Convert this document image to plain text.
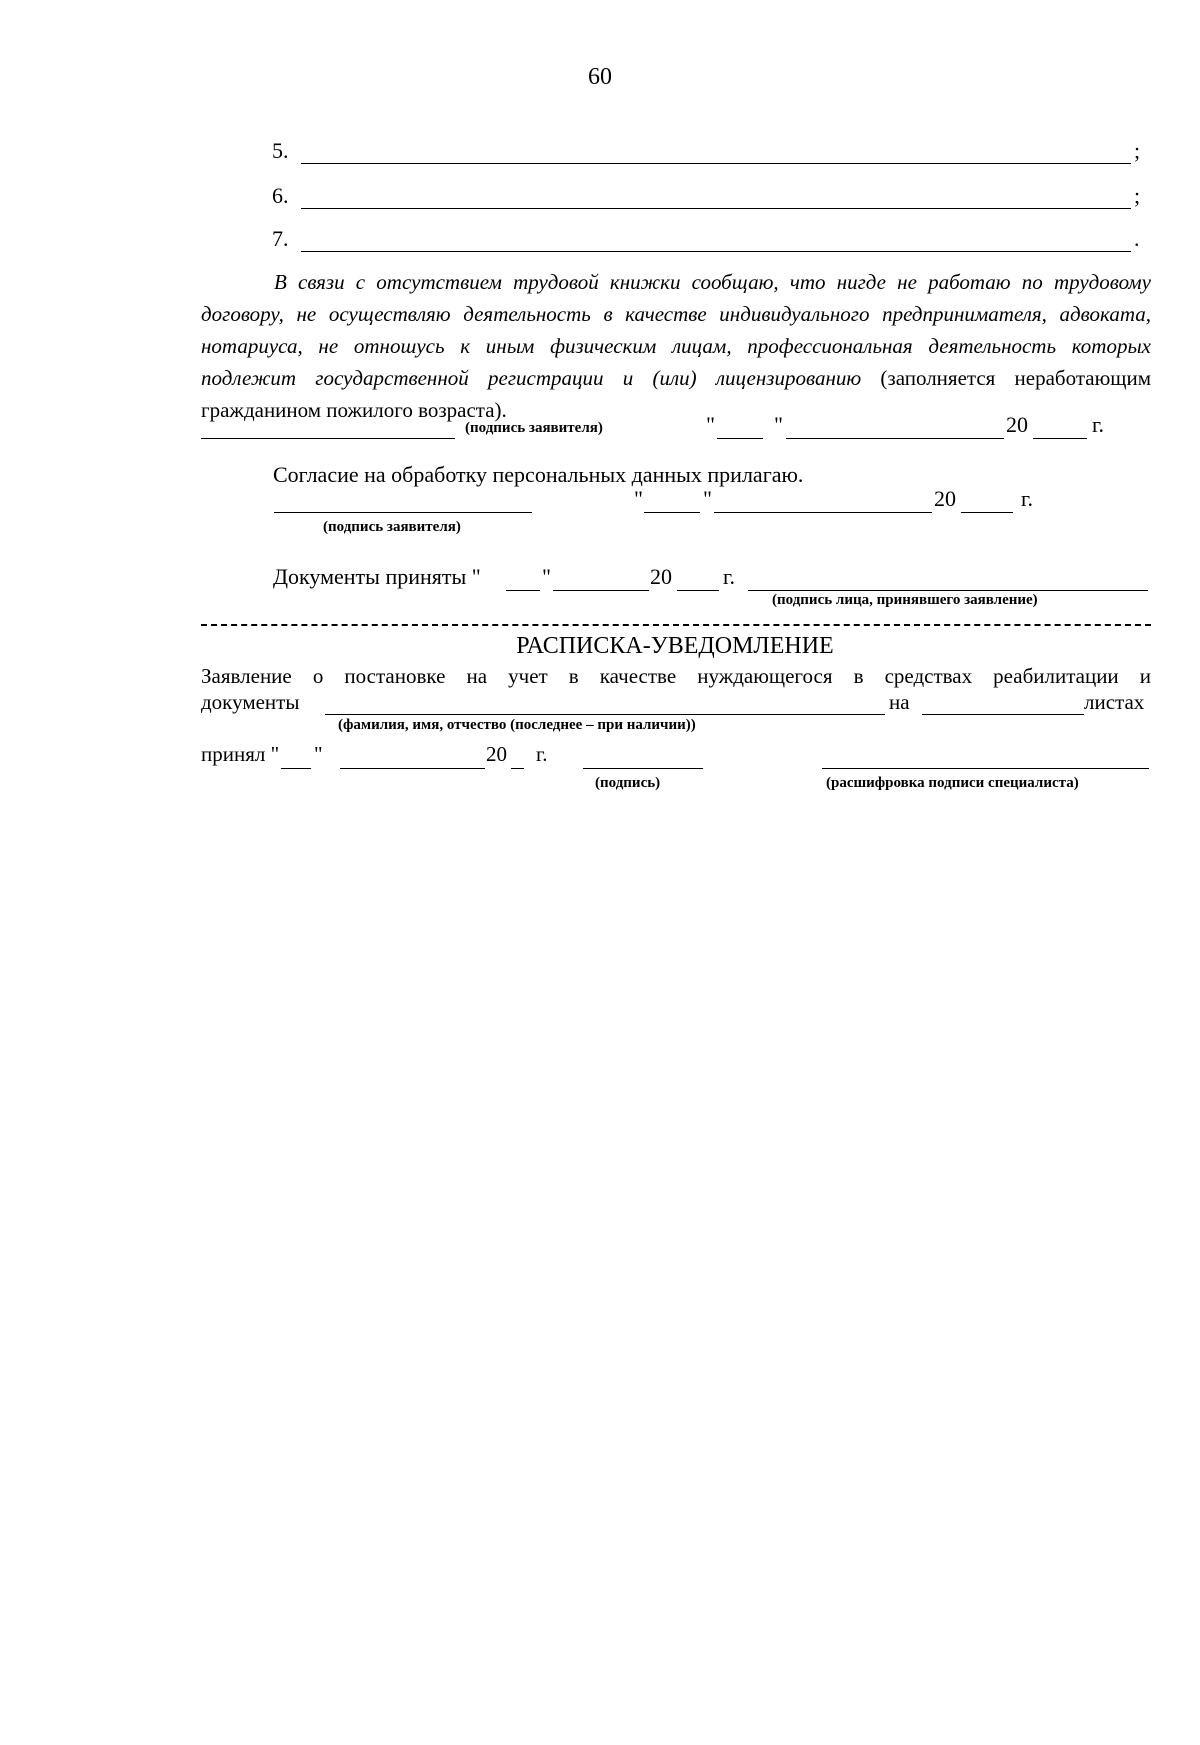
60
5.	;
6.	;
7.	.
В связи с отсутствием трудовой книжки сообщаю, что нигде не работаю по трудовому договору, не осуществляю деятельность в качестве индивидуального предпринимателя, адвоката, нотариуса, не отношусь к иным физическим лицам, профессиональная деятельность которых подлежит государственной регистрации и (или) лицензированию (заполняется неработающим гражданином пожилого возраста).
(подпись заявителя)	"	"	20	г.
Согласие на обработку персональных данных прилагаю.
"	"	20	г.
(подпись заявителя)
Документы приняты "	"	20 г.
(подпись лица, принявшего заявление)
РАСПИСКА-УВЕДОМЛЕНИЕ
Заявление о постановке на учет в качестве нуждающегося в средствах реабилитации и
документы	на	листах
(фамилия, имя, отчество (последнее – при наличии))
принял " "	20 г.
(подпись)	(расшифровка подписи специалиста)
